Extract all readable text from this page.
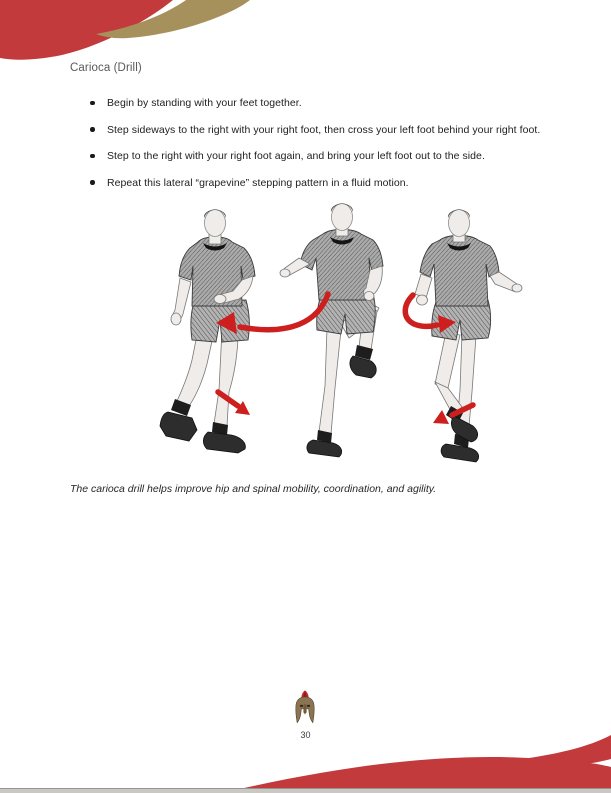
Carioca (Drill)
Begin by standing with your feet together.
Step sideways to the right with your right foot, then cross your left foot behind your right foot.
Step to the right with your right foot again, and bring your left foot out to the side.
Repeat this lateral “grapevine” stepping pattern in a fluid motion.

The carioca drill helps improve hip and spinal mobility, coordination, and agility.

30
